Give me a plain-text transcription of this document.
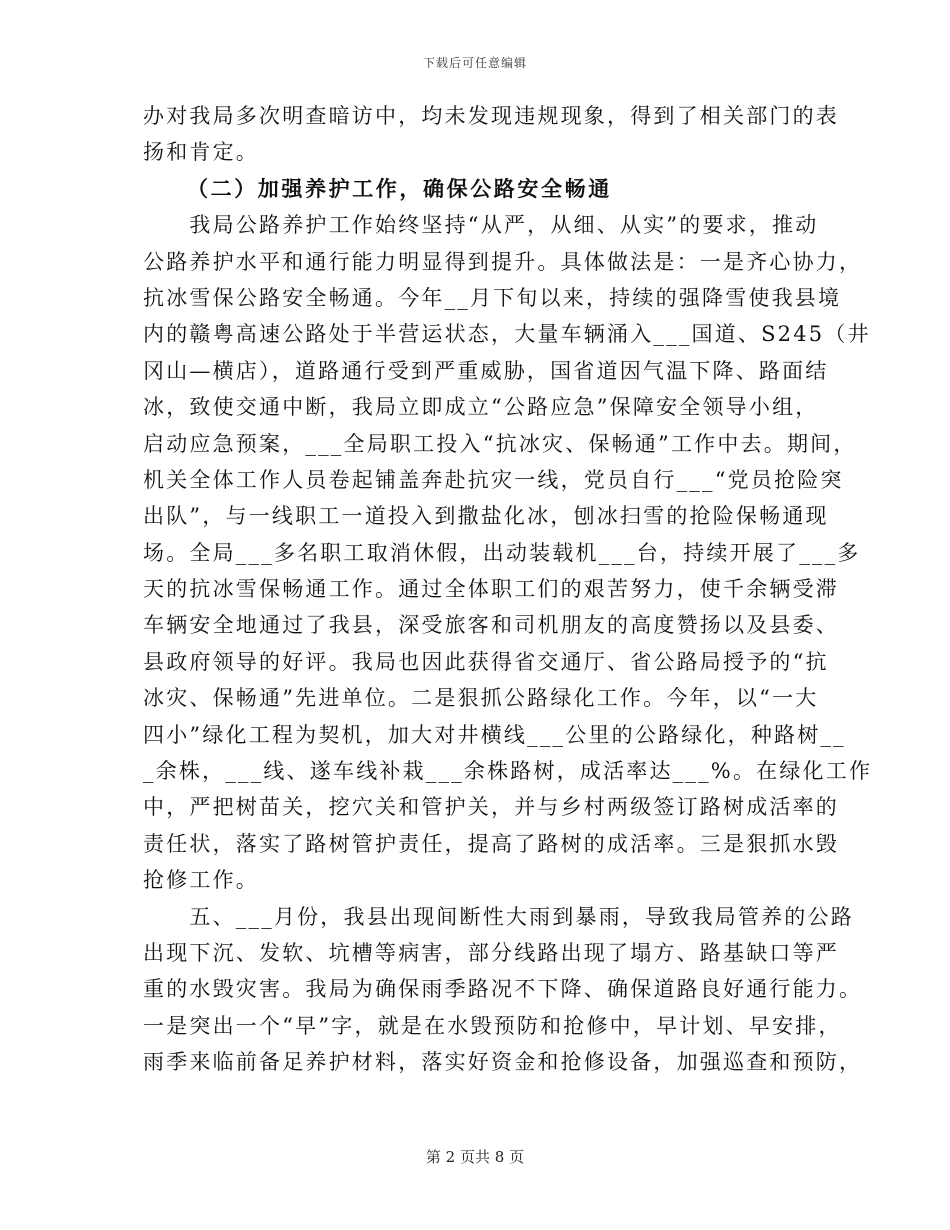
下载后可任意编辑
办对我局多次明查暗访中，均未发现违规现象，得到了相关部门的表
扬和肯定。
（二）加强养护工作，确保公路安全畅通
　　我局公路养护工作始终坚持“从严，从细、从实”的要求，推动
公路养护水平和通行能力明显得到提升。具体做法是：一是齐心协力，
抗冰雪保公路安全畅通。今年__月下旬以来，持续的强降雪使我县境
内的赣粤高速公路处于半营运状态，大量车辆涌入___国道、S245（井
冈山—横店），道路通行受到严重威胁，国省道因气温下降、路面结
冰，致使交通中断，我局立即成立“公路应急”保障安全领导小组，
启动应急预案，___全局职工投入“抗冰灾、保畅通”工作中去。期间，
机关全体工作人员卷起铺盖奔赴抗灾一线，党员自行___“党员抢险突
出队”，与一线职工一道投入到撒盐化冰，刨冰扫雪的抢险保畅通现
场。全局___多名职工取消休假，出动装载机___台，持续开展了___多
天的抗冰雪保畅通工作。通过全体职工们的艰苦努力，使千余辆受滞
车辆安全地通过了我县，深受旅客和司机朋友的高度赞扬以及县委、
县政府领导的好评。我局也因此获得省交通厅、省公路局授予的“抗
冰灾、保畅通”先进单位。二是狠抓公路绿化工作。今年，以“一大
四小”绿化工程为契机，加大对井横线___公里的公路绿化，种路树__
_余株，___线、遂车线补栽___余株路树，成活率达___%。在绿化工作
中，严把树苗关，挖穴关和管护关，并与乡村两级签订路树成活率的
责任状，落实了路树管护责任，提高了路树的成活率。三是狠抓水毁
抢修工作。
　　五、___月份，我县出现间断性大雨到暴雨，导致我局管养的公路
出现下沉、发软、坑槽等病害，部分线路出现了塌方、路基缺口等严
重的水毁灾害。我局为确保雨季路况不下降、确保道路良好通行能力。
一是突出一个“早”字，就是在水毁预防和抢修中，早计划、早安排，
雨季来临前备足养护材料，落实好资金和抢修设备，加强巡查和预防，
第 2 页共 8 页
